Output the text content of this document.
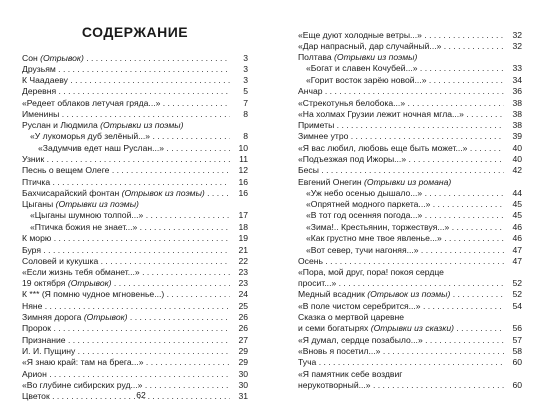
СОДЕРЖАНИЕ
Сон (Отрывок) . . .	3
Друзьям . . .	3
К Чаадаеву . . .	3
Деревня . . .	5
«Редеет облаков летучая гряда...» . . .	7
Именины . . .	8
Руслан и Людмила (Отрывки из поэмы)
«У лукоморья дуб зелёный...» . . .	8
«Задумчив едет наш Руслан...» . . .	10
Узник . . .	11
Песнь о вещем Олеге . . .	12
Птичка . . .	16
Бахчисарайский фонтан (Отрывок из поэмы) . . .	16
Цыганы (Отрывки из поэмы)
«Цыганы шумною толпой...» . . .	17
«Птичка божия не знает...» . . .	18
К морю . . .	19
Буря . . .	21
Соловей и кукушка . . .	22
«Если жизнь тебя обманет...» . . .	23
19 октября (Отрывок) . . .	23
К *** (Я помню чудное мгновенье...) . . .	24
Няне . . .	25
Зимняя дорога (Отрывок) . . .	26
Пророк . . .	26
Признание . . .	27
И. И. Пущину . . .	29
«Я знаю край: там на брега...» . . .	29
Арион . . .	30
«Во глубине сибирских руд...» . . .	30
Цветок . . .	31
«Еще дуют холодные ветры...» . . .	32
«Дар напрасный, дар случайный...» . . .	32
Полтава (Отрывки из поэмы)
«Богат и славен Кочубей...» . . .	33
«Горит восток зарёю новой...» . . .	34
Анчар . . .	36
«Стрекотунья белобока...» . . .	38
«На холмах Грузии лежит ночная мгла...» . . .	38
Приметы . . .	38
Зимнее утро . . .	39
«Я вас любил, любовь еще быть может...» . . .	40
«Подъезжая под Ижоры...» . . .	40
Бесы . . .	42
Евгений Онегин (Отрывки из романа)
«Уж небо осенью дышало...» . . .	44
«Опрятней модного паркета...» . . .	45
«В тот год осенняя погода...» . . .	45
«Зима!.. Крестьянин, торжествуя...» . . .	46
«Как грустно мне твое явленье...» . . .	46
«Вот север, тучи нагоняя...» . . .	47
Осень . . .	47
«Пора, мой друг, пора! покоя сердце
просит...» . . .	52
Медный всадник (Отрывок из поэмы) . . .	52
«В поле чистом серебрится...» . . .	54
Сказка о мертвой царевне
и семи богатырях (Отрывки из сказки) . . .	56
«Я думал, сердце позабыло...» . . .	57
«Вновь я посетил...» . . .	58
Туча . . .	60
«Я памятник себе воздвиг
нерукотворный...» . . .	60
62
